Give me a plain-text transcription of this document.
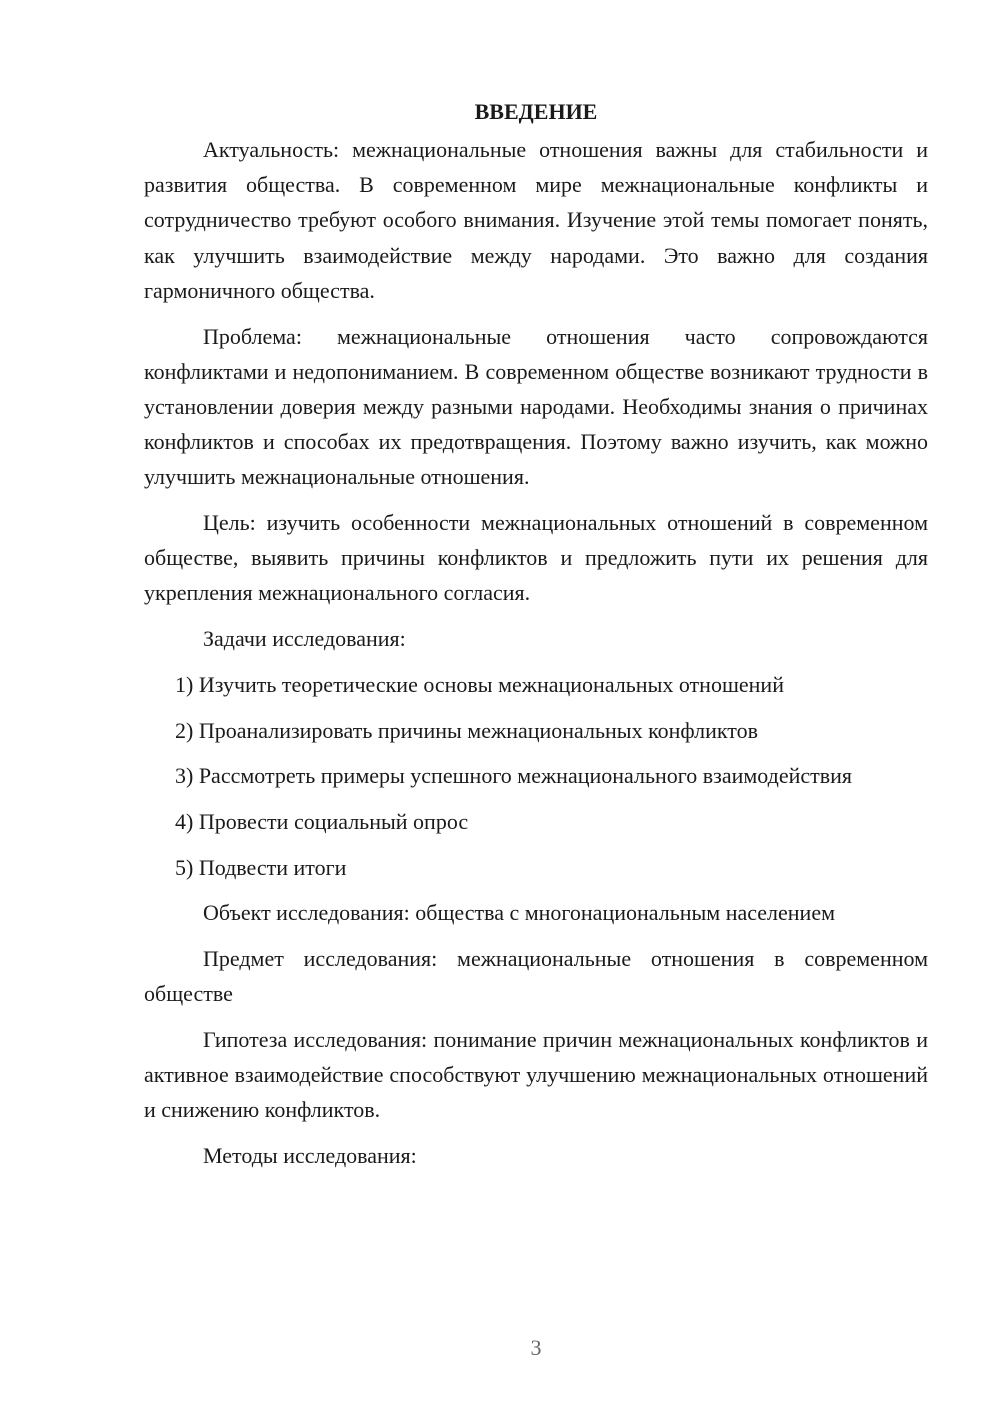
ВВЕДЕНИЕ

Актуальность: межнациональные отношения важны для стабильности и развития общества. В современном мире межнациональные конфликты и сотрудничество требуют особого внимания. Изучение этой темы помогает понять, как улучшить взаимодействие между народами. Это важно для создания гармоничного общества.

Проблема: межнациональные отношения часто сопровождаются конфликтами и недопониманием. В современном обществе возникают трудности в установлении доверия между разными народами. Необходимы знания о причинах конфликтов и способах их предотвращения. Поэтому важно изучить, как можно улучшить межнациональные отношения.

Цель: изучить особенности межнациональных отношений в современном обществе, выявить причины конфликтов и предложить пути их решения для укрепления межнационального согласия.

Задачи исследования:

1) Изучить теоретические основы межнациональных отношений

2) Проанализировать причины межнациональных конфликтов

3) Рассмотреть примеры успешного межнационального взаимодействия

4) Провести социальный опрос

5) Подвести итоги

Объект исследования: общества с многонациональным населением

Предмет исследования: межнациональные отношения в современном обществе

Гипотеза исследования: понимание причин межнациональных конфликтов и активное взаимодействие способствуют улучшению межнациональных отношений и снижению конфликтов.

Методы исследования:

3
